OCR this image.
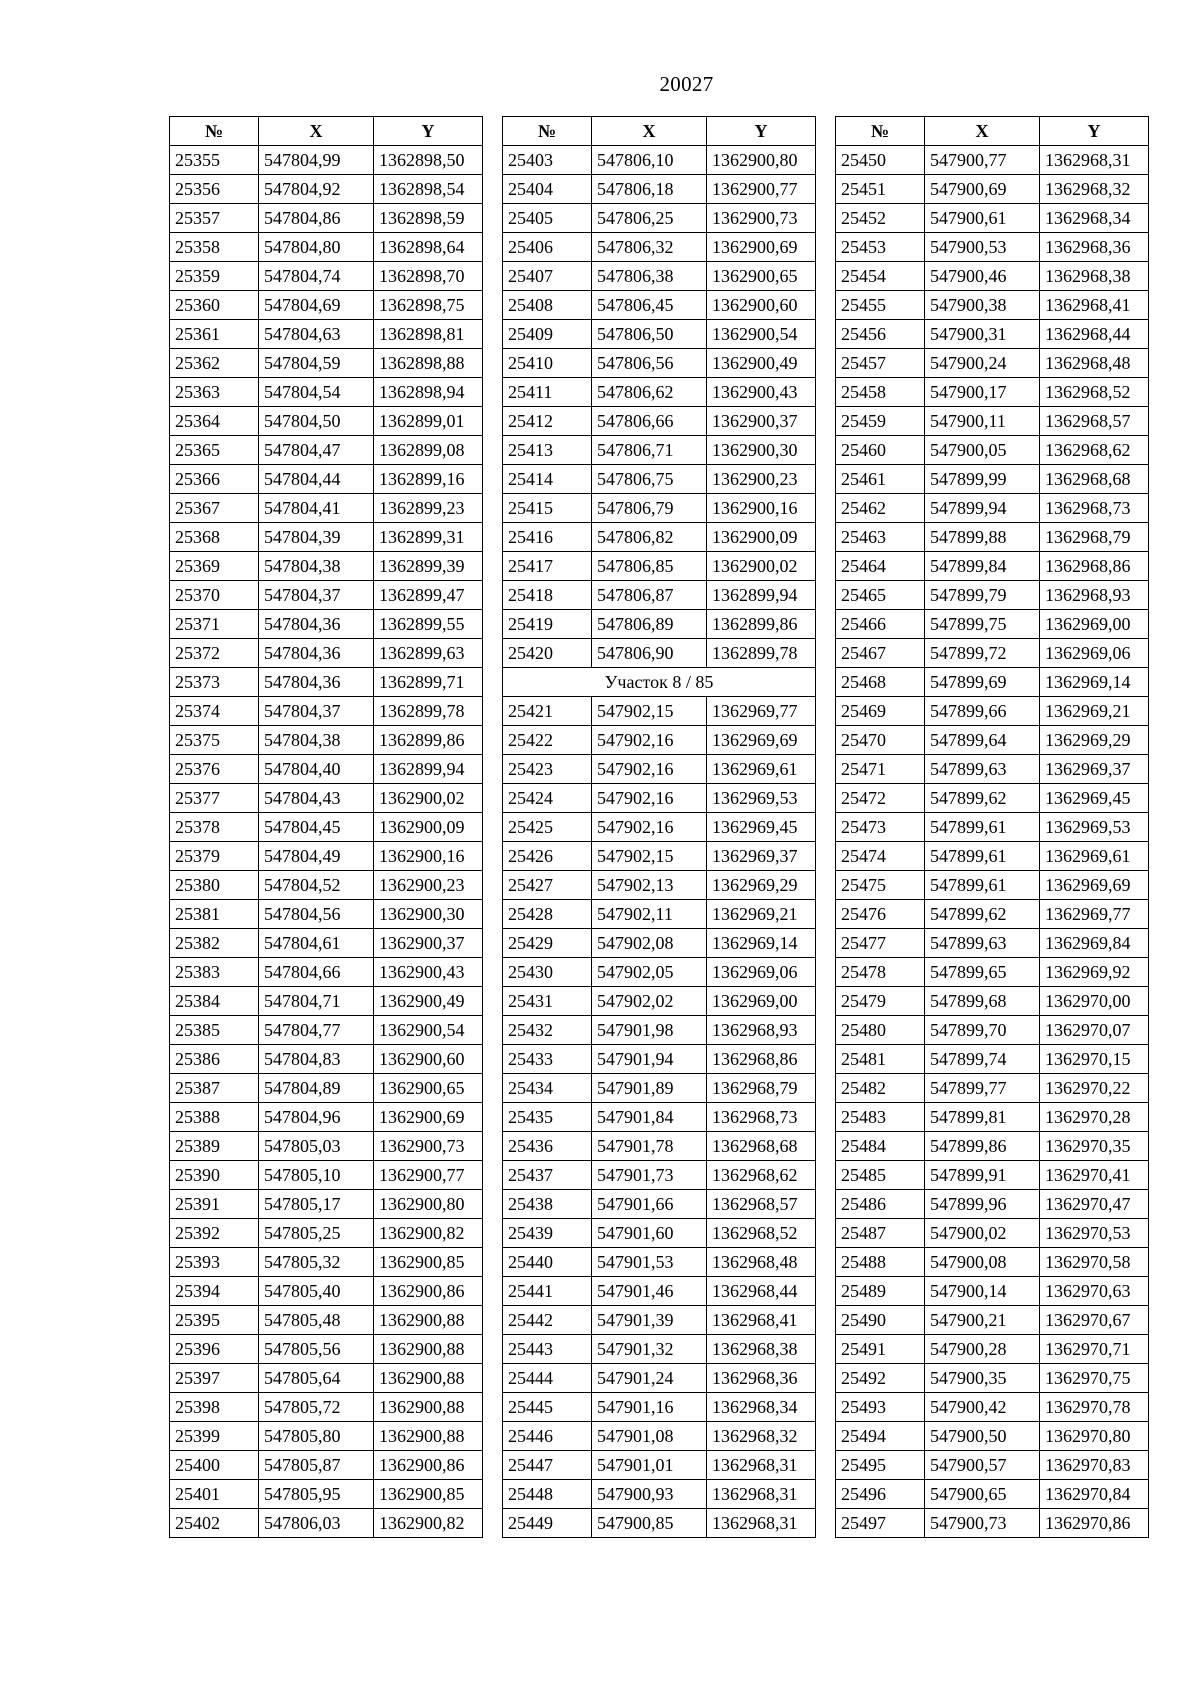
20027
№	X	Y
25355	547804,99	1362898,50
25356	547804,92	1362898,54
25357	547804,86	1362898,59
25358	547804,80	1362898,64
25359	547804,74	1362898,70
25360	547804,69	1362898,75
25361	547804,63	1362898,81
25362	547804,59	1362898,88
25363	547804,54	1362898,94
25364	547804,50	1362899,01
25365	547804,47	1362899,08
25366	547804,44	1362899,16
25367	547804,41	1362899,23
25368	547804,39	1362899,31
25369	547804,38	1362899,39
25370	547804,37	1362899,47
25371	547804,36	1362899,55
25372	547804,36	1362899,63
25373	547804,36	1362899,71
25374	547804,37	1362899,78
25375	547804,38	1362899,86
25376	547804,40	1362899,94
25377	547804,43	1362900,02
25378	547804,45	1362900,09
25379	547804,49	1362900,16
25380	547804,52	1362900,23
25381	547804,56	1362900,30
25382	547804,61	1362900,37
25383	547804,66	1362900,43
25384	547804,71	1362900,49
25385	547804,77	1362900,54
25386	547804,83	1362900,60
25387	547804,89	1362900,65
25388	547804,96	1362900,69
25389	547805,03	1362900,73
25390	547805,10	1362900,77
25391	547805,17	1362900,80
25392	547805,25	1362900,82
25393	547805,32	1362900,85
25394	547805,40	1362900,86
25395	547805,48	1362900,88
25396	547805,56	1362900,88
25397	547805,64	1362900,88
25398	547805,72	1362900,88
25399	547805,80	1362900,88
25400	547805,87	1362900,86
25401	547805,95	1362900,85
25402	547806,03	1362900,82
№	X	Y
25403	547806,10	1362900,80
25404	547806,18	1362900,77
25405	547806,25	1362900,73
25406	547806,32	1362900,69
25407	547806,38	1362900,65
25408	547806,45	1362900,60
25409	547806,50	1362900,54
25410	547806,56	1362900,49
25411	547806,62	1362900,43
25412	547806,66	1362900,37
25413	547806,71	1362900,30
25414	547806,75	1362900,23
25415	547806,79	1362900,16
25416	547806,82	1362900,09
25417	547806,85	1362900,02
25418	547806,87	1362899,94
25419	547806,89	1362899,86
25420	547806,90	1362899,78
Участок 8 / 85		
25421	547902,15	1362969,77
25422	547902,16	1362969,69
25423	547902,16	1362969,61
25424	547902,16	1362969,53
25425	547902,16	1362969,45
25426	547902,15	1362969,37
25427	547902,13	1362969,29
25428	547902,11	1362969,21
25429	547902,08	1362969,14
25430	547902,05	1362969,06
25431	547902,02	1362969,00
25432	547901,98	1362968,93
25433	547901,94	1362968,86
25434	547901,89	1362968,79
25435	547901,84	1362968,73
25436	547901,78	1362968,68
25437	547901,73	1362968,62
25438	547901,66	1362968,57
25439	547901,60	1362968,52
25440	547901,53	1362968,48
25441	547901,46	1362968,44
25442	547901,39	1362968,41
25443	547901,32	1362968,38
25444	547901,24	1362968,36
25445	547901,16	1362968,34
25446	547901,08	1362968,32
25447	547901,01	1362968,31
25448	547900,93	1362968,31
25449	547900,85	1362968,31
№	X	Y
25450	547900,77	1362968,31
25451	547900,69	1362968,32
25452	547900,61	1362968,34
25453	547900,53	1362968,36
25454	547900,46	1362968,38
25455	547900,38	1362968,41
25456	547900,31	1362968,44
25457	547900,24	1362968,48
25458	547900,17	1362968,52
25459	547900,11	1362968,57
25460	547900,05	1362968,62
25461	547899,99	1362968,68
25462	547899,94	1362968,73
25463	547899,88	1362968,79
25464	547899,84	1362968,86
25465	547899,79	1362968,93
25466	547899,75	1362969,00
25467	547899,72	1362969,06
25468	547899,69	1362969,14
25469	547899,66	1362969,21
25470	547899,64	1362969,29
25471	547899,63	1362969,37
25472	547899,62	1362969,45
25473	547899,61	1362969,53
25474	547899,61	1362969,61
25475	547899,61	1362969,69
25476	547899,62	1362969,77
25477	547899,63	1362969,84
25478	547899,65	1362969,92
25479	547899,68	1362970,00
25480	547899,70	1362970,07
25481	547899,74	1362970,15
25482	547899,77	1362970,22
25483	547899,81	1362970,28
25484	547899,86	1362970,35
25485	547899,91	1362970,41
25486	547899,96	1362970,47
25487	547900,02	1362970,53
25488	547900,08	1362970,58
25489	547900,14	1362970,63
25490	547900,21	1362970,67
25491	547900,28	1362970,71
25492	547900,35	1362970,75
25493	547900,42	1362970,78
25494	547900,50	1362970,80
25495	547900,57	1362970,83
25496	547900,65	1362970,84
25497	547900,73	1362970,86
